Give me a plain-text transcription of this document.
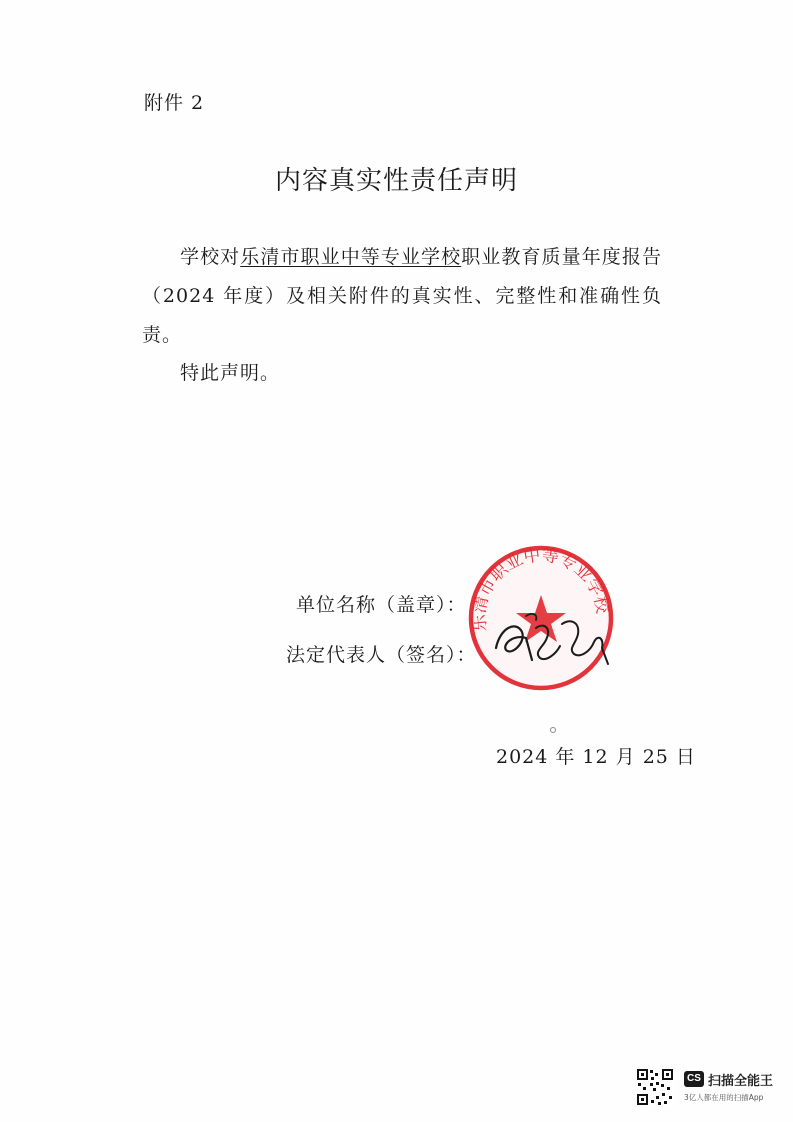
附件 2
内容真实性责任声明
学校对乐清市职业中等专业学校职业教育质量年度报告（2024 年度）及相关附件的真实性、完整性和准确性负责。
特此声明。
单位名称（盖章）：
法定代表人（签名）：
乐清市职业中等专业学校
2024 年 12 月 25 日
CS 扫描全能王
3亿人都在用的扫描App
